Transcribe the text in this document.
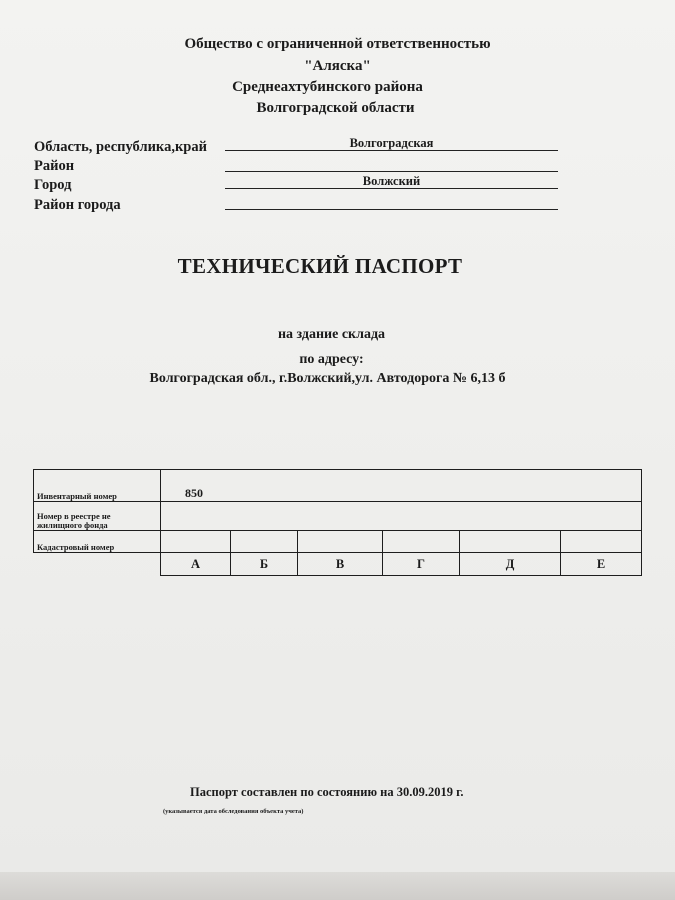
Общество с ограниченной ответственностью
"Аляска"
Среднеахтубинского района
Волгоградской области
Область, республика,край	Волгоградская
Район
Город	Волжский
Район города
ТЕХНИЧЕСКИЙ ПАСПОРТ
на здание склада
по адресу:
Волгоградская обл., г.Волжский,ул. Автодорога № 6,13 б
Инвентарный номер	850					
Номер в реестре не жилищного фонда						
Кадастровый номер						
	А	Б	В	Г	Д	Е
Паспорт составлен по состоянию на 30.09.2019 г.
(указывается дата обследования объекта учета)
